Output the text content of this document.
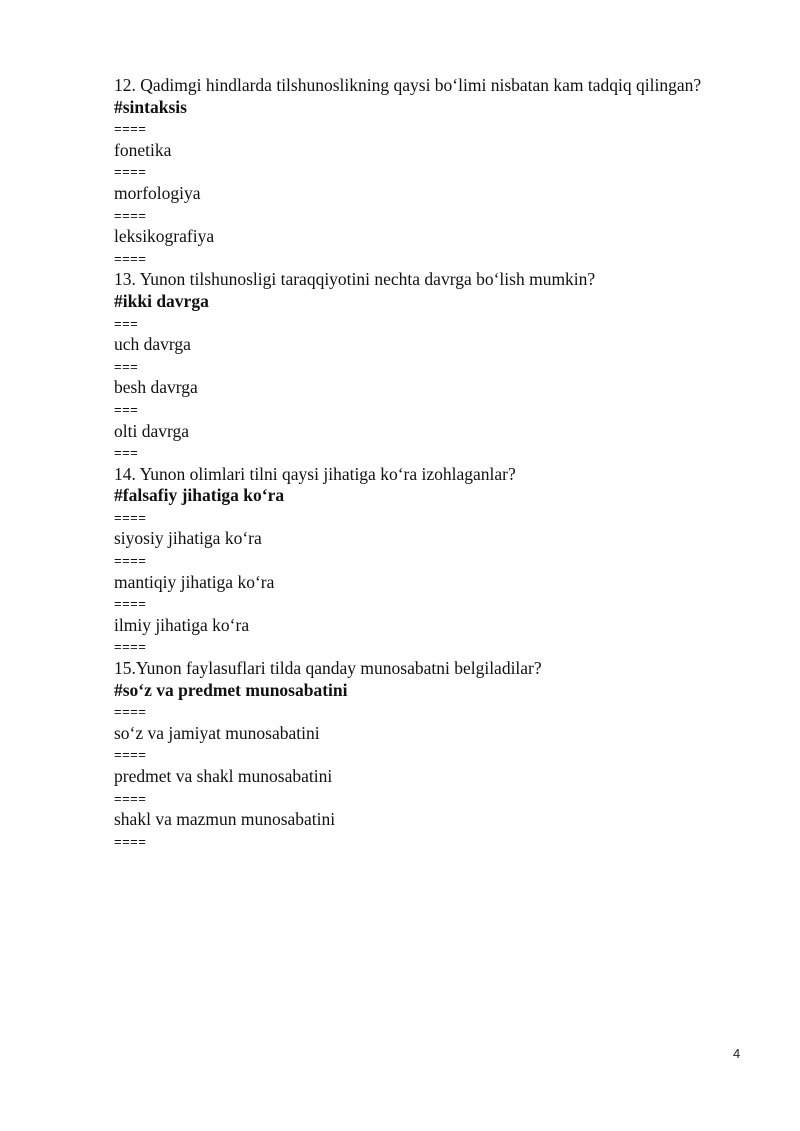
12. Qadimgi hindlarda tilshunoslikning qaysi bo‘limi nisbatan kam tadqiq qilingan?
#sintaksis
====
fonetika
====
morfologiya
====
leksikografiya
====
13. Yunon tilshunosligi taraqqiyotini nechta davrga bo‘lish mumkin?
#ikki davrga
===
uch davrga
===
besh davrga
===
olti davrga
===
14. Yunon olimlari tilni qaysi jihatiga ko‘ra izohlaganlar?
#falsafiy jihatiga ko‘ra
====
siyosiy jihatiga ko‘ra
====
mantiqiy jihatiga ko‘ra
====
ilmiy jihatiga ko‘ra
====
15.Yunon faylasuflari tilda qanday munosabatni belgiladilar?
#so‘z va predmet munosabatini
====
so‘z va jamiyat munosabatini
====
predmet va shakl munosabatini
====
shakl va mazmun munosabatini
====
4
